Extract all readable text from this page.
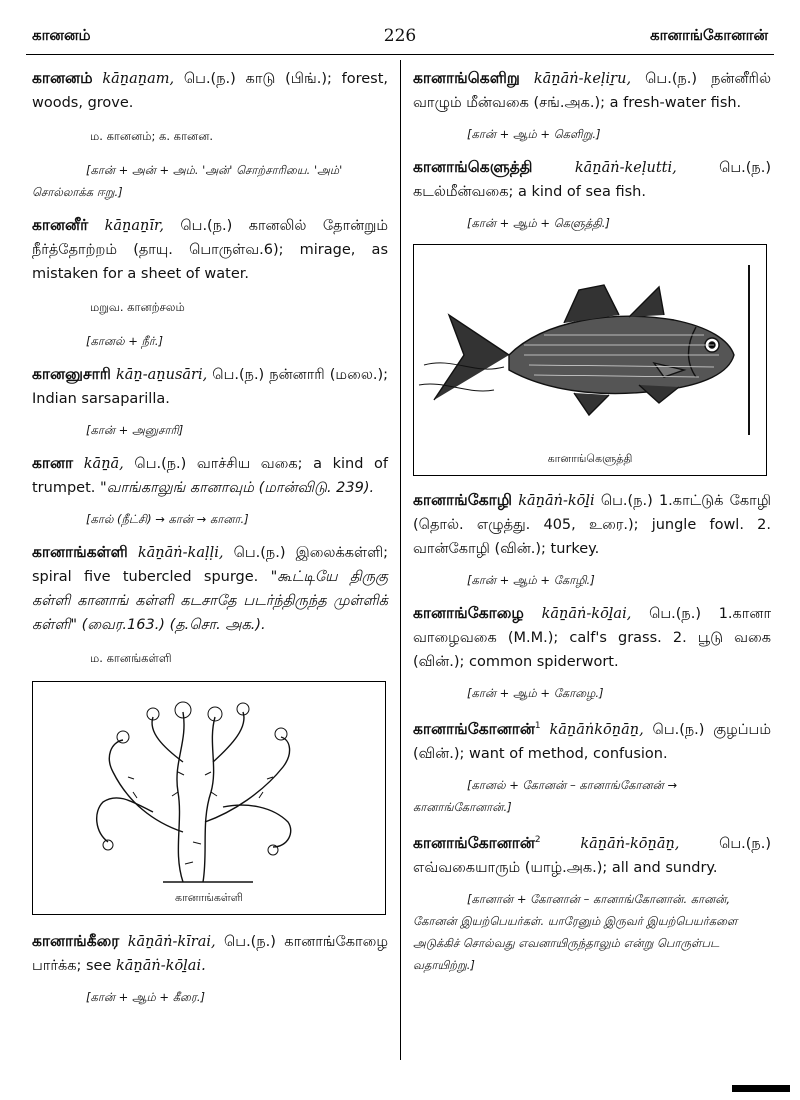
கானனம்	226	கானாங்கோனான்

கானனம் kāṉaṉam, பெ.(ந.) காடு (பிங்.); forest, woods, grove.

ம. கானனம்; க. கானன.
[கான் + அன் + அம். 'அன்' சொற்சாரியை. 'அம்' சொல்லாக்க ஈறு.]

கானனீர் kāṉaṉīr, பெ.(ந.) கானலில் தோன்றும் நீர்த்தோற்றம் (தாயு. பொருள்வ.6); mirage, as mistaken for a sheet of water.

மறுவ. கானற்சலம்
[கானல் + நீர்.]

கானனுசாரி kāṉ-aṉusāri, பெ.(ந.) நன்னாரி (மலை.); Indian sarsaparilla.

[கான் + அனுசாரி]

கானா kāṉā, பெ.(ந.) வாச்சிய வகை; a kind of trumpet. "வாங்காலுங் கானாவும் (மான்விடு. 239).

[கால் (நீட்சி) → கான் → கானா.]

கானாங்கள்ளி kāṉāṅ-kaḷḷi, பெ.(ந.) இலைக்கள்ளி; spiral five tubercled spurge. "கூட்டியே திருகு கள்ளி கானாங் கள்ளி கடசாதே படர்ந்திருந்த முள்ளிக் கள்ளி" (வைர.163.) (த.சொ. அக.).

ம. கானங்கள்ளி
கானாங்கள்ளி

கானாங்கீரை kāṉāṅ-kīrai, பெ.(ந.) கானாங்கோழை பார்க்க; see kāṉāṅ-kōḻai.

[கான் + ஆம் + கீரை.]

கானாங்கெளிறு kāṉāṅ-keḷiṟu, பெ.(ந.) நன்னீரில் வாழும் மீன்வகை (சங்.அக.); a fresh-water fish.

[கான் + ஆம் + கெளிறு.]

கானாங்கெளுத்தி	kāṉāṅ-keḷutti,	பெ.(ந.) கடல்மீன்வகை; a kind of sea fish.

[கான் + ஆம் + கெளுத்தி.]
கானாங்கெளுத்தி

கானாங்கோழி kāṉāṅ-kōḻi பெ.(ந.) 1.காட்டுக் கோழி (தொல். எழுத்து. 405, உரை.); jungle fowl. 2. வான்கோழி (வின்.); turkey.

[கான் + ஆம் + கோழி.]

கானாங்கோழை kāṉāṅ-kōḻai, பெ.(ந.) 1.கானா வாழைவகை (M.M.); calf's grass. 2. பூடு வகை (வின்.); common spiderwort.

[கான் + ஆம் + கோழை.]

கானாங்கோனான்$^1$ kāṉāṅkōṉāṉ, பெ.(ந.) குழப்பம் (வின்.); want of method, confusion.

[கானல் + கோனன் – கானாங்கோனன் → கானாங்கோனான்.]

கானாங்கோனான்$^2$	kāṉāṅ-kōṉāṉ,	பெ.(ந.) எவ்வகையாரும் (யாழ்.அக.); all and sundry.

[கானான் + கோனான் – கானாங்கோனான். கானன், கோனன் இயற்பெயர்கள். யாரேனும் இருவர் இயற்பெயர்களை அடுக்கிச் சொல்வது எவனாயிருந்தாலும் என்று பொருள்பட வதாயிற்று.]
